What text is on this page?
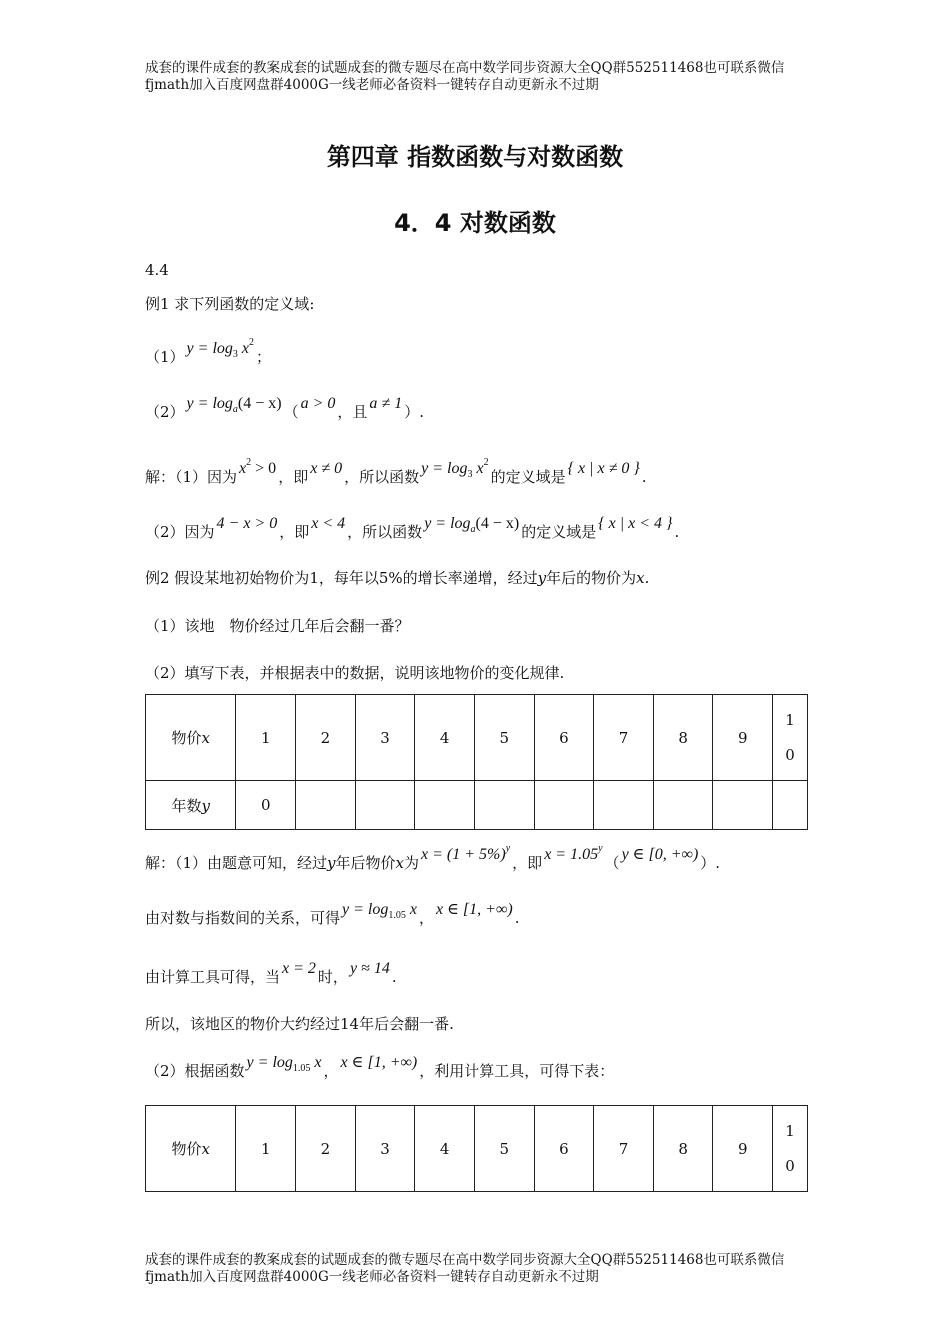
成套的课件成套的教案成套的试题成套的微专题尽在高中数学同步资源大全QQ群552511468也可联系微信fjmath加入百度网盘群4000G一线老师必备资料一键转存自动更新永不过期
第四章 指数函数与对数函数
4．4 对数函数
4.4
例1 求下列函数的定义域:
（1） $y = \log_3 x^2$；
（2） $y = \log_a(4 - x)$ （ a > 0 ，且 a ≠ 1 ）.
解：（1）因为 $x^2 > 0$ ，即 x ≠ 0 ，所以函数 $y = \log_3 x^2$的定义域是 { x | x ≠ 0 } .
（2）因为 4 − x > 0 ，即 x < 4 ，所以函数 $y = \log_a(4 - x)$ 的定义域是 { x | x < 4 } .
例2 假设某地初始物价为1，每年以5%的增长率递增，经过y年后的物价为x.
（1）该地　物价经过几年后会翻一番？
（2）填写下表，并根据表中的数据，说明该地物价的变化规律.
物价x	1	2	3	4	5	6	7	8	9	1
0

年数y	0									
解：（1）由题意可知，经过y年后物价x为 $x = (1 + 5\%)^y$，即 $x = 1.05^y$（ y ∈ [0, +∞) ）.
由对数与指数间的关系，可得 $y = \log_{1.05} x$ ， x ∈ [1, +∞) .
由计算工具可得，当 x = 2 时， y ≈ 14 .
所以，该地区的物价大约经过14年后会翻一番.
（2）根据函数 $y = \log_{1.05} x$ ， x ∈ [1, +∞) ，利用计算工具，可得下表：
物价x	1	2	3	4	5	6	7	8	9	
1
0
成套的课件成套的教案成套的试题成套的微专题尽在高中数学同步资源大全QQ群552511468也可联系微信fjmath加入百度网盘群4000G一线老师必备资料一键转存自动更新永不过期
